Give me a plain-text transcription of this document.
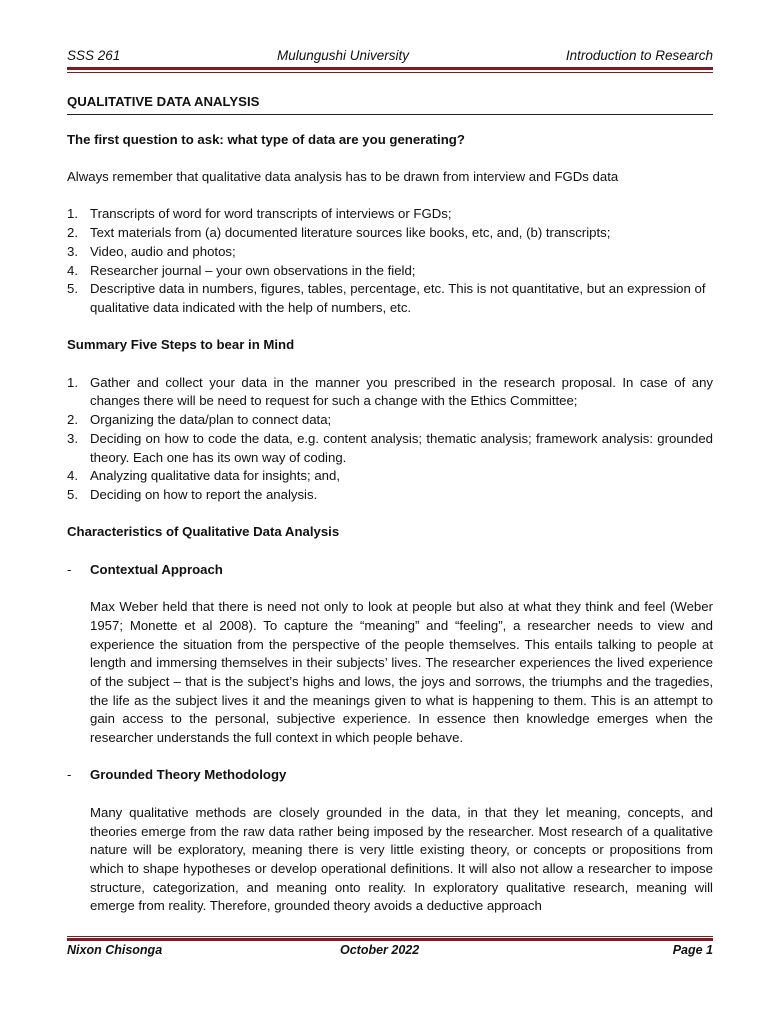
SSS 261	Mulungushi University	Introduction to Research

QUALITATIVE DATA ANALYSIS

The first question to ask: what type of data are you generating?

Always remember that qualitative data analysis has to be drawn from interview and FGDs data

1. Transcripts of word for word transcripts of interviews or FGDs;
2. Text materials from (a) documented literature sources like books, etc, and, (b) transcripts;
3. Video, audio and photos;
4. Researcher journal – your own observations in the field;
5. Descriptive data in numbers, figures, tables, percentage, etc. This is not quantitative, but an expression of qualitative data indicated with the help of numbers, etc.

Summary Five Steps to bear in Mind

1. Gather and collect your data in the manner you prescribed in the research proposal. In case of any changes there will be need to request for such a change with the Ethics Committee;
2. Organizing the data/plan to connect data;
3. Deciding on how to code the data, e.g. content analysis; thematic analysis; framework analysis: grounded theory. Each one has its own way of coding.
4. Analyzing qualitative data for insights; and,
5. Deciding on how to report the analysis.

Characteristics of Qualitative Data Analysis

- Contextual Approach

Max Weber held that there is need not only to look at people but also at what they think and feel (Weber 1957; Monette et al 2008). To capture the “meaning” and “feeling”, a researcher needs to view and experience the situation from the perspective of the people themselves. This entails talking to people at length and immersing themselves in their subjects’ lives. The researcher experiences the lived experience of the subject – that is the subject’s highs and lows, the joys and sorrows, the triumphs and the tragedies, the life as the subject lives it and the meanings given to what is happening to them. This is an attempt to gain access to the personal, subjective experience. In essence then knowledge emerges when the researcher understands the full context in which people behave.

- Grounded Theory Methodology

Many qualitative methods are closely grounded in the data, in that they let meaning, concepts, and theories emerge from the raw data rather being imposed by the researcher. Most research of a qualitative nature will be exploratory, meaning there is very little existing theory, or concepts or propositions from which to shape hypotheses or develop operational definitions. It will also not allow a researcher to impose structure, categorization, and meaning onto reality. In exploratory qualitative research, meaning will emerge from reality. Therefore, grounded theory avoids a deductive approach

Nixon Chisonga	October 2022	Page 1
